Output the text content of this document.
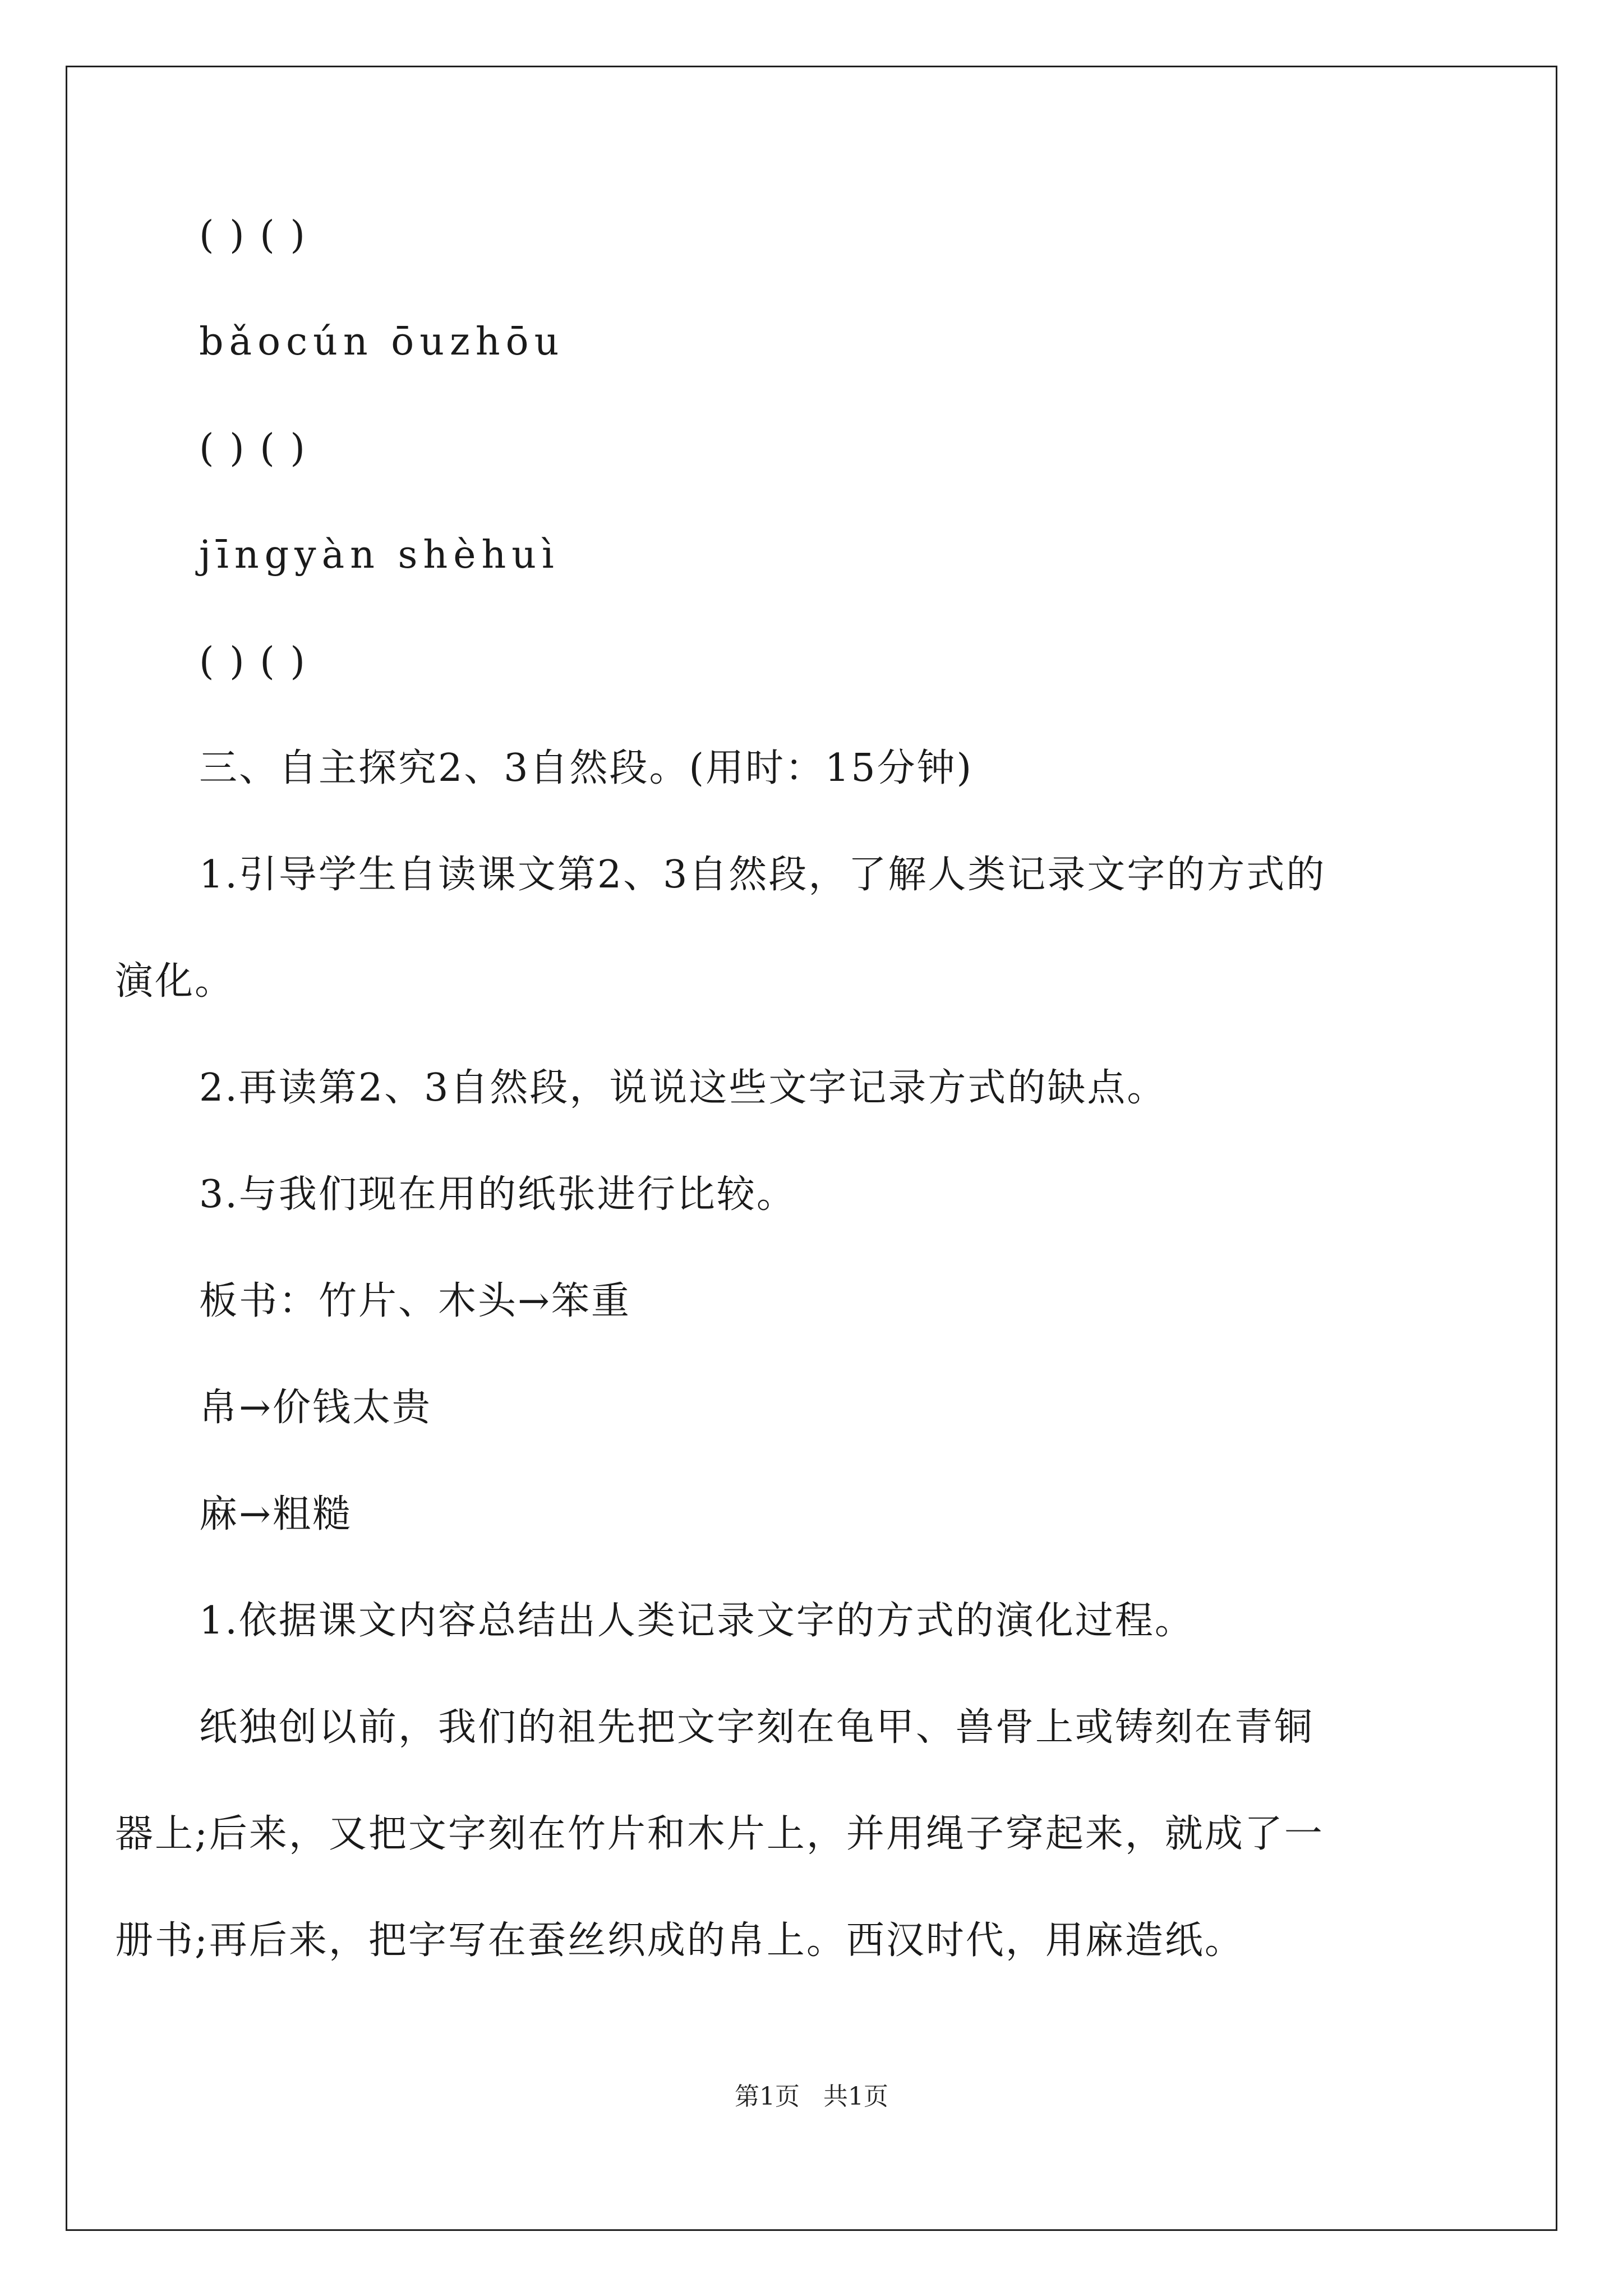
( ) ( )
bǎocún ōuzhōu
( ) ( )
jīngyàn shèhuì
( ) ( )
三、自主探究2、3自然段。(用时：15分钟)
1.引导学生自读课文第2、3自然段，了解人类记录文字的方式的
演化。
2.再读第2、3自然段，说说这些文字记录方式的缺点。
3.与我们现在用的纸张进行比较。
板书：竹片、木头→笨重
帛→价钱太贵
麻→粗糙
1.依据课文内容总结出人类记录文字的方式的演化过程。
纸独创以前，我们的祖先把文字刻在龟甲、兽骨上或铸刻在青铜
器上;后来，又把文字刻在竹片和木片上，并用绳子穿起来，就成了一
册书;再后来，把字写在蚕丝织成的帛上。西汉时代，用麻造纸。
第1页   共1页
